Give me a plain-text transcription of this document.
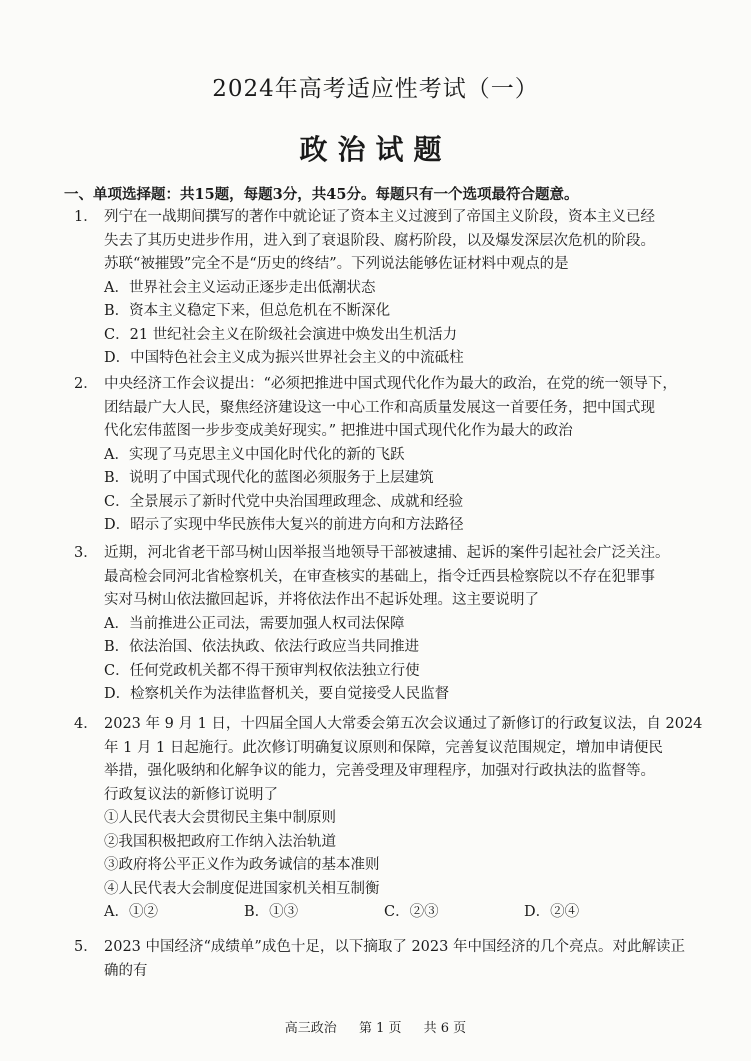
2024年高考适应性考试（一）
政治试题
一、单项选择题：共15题，每题3分，共45分。每题只有一个选项最符合题意。
1． 列宁在一战期间撰写的著作中就论证了资本主义过渡到了帝国主义阶段，资本主义已经
失去了其历史进步作用，进入到了衰退阶段、腐朽阶段，以及爆发深层次危机的阶段。
苏联“被摧毁”完全不是“历史的终结”。下列说法能够佐证材料中观点的是
A．世界社会主义运动正逐步走出低潮状态
B．资本主义稳定下来，但总危机在不断深化
C．21 世纪社会主义在阶级社会演进中焕发出生机活力
D．中国特色社会主义成为振兴世界社会主义的中流砥柱
2． 中央经济工作会议提出：“必须把推进中国式现代化作为最大的政治，在党的统一领导下，
团结最广大人民，聚焦经济建设这一中心工作和高质量发展这一首要任务，把中国式现
代化宏伟蓝图一步步变成美好现实。” 把推进中国式现代化作为最大的政治
A．实现了马克思主义中国化时代化的新的飞跃
B．说明了中国式现代化的蓝图必须服务于上层建筑
C．全景展示了新时代党中央治国理政理念、成就和经验
D．昭示了实现中华民族伟大复兴的前进方向和方法路径
3． 近期，河北省老干部马树山因举报当地领导干部被逮捕、起诉的案件引起社会广泛关注。
最高检会同河北省检察机关，在审查核实的基础上，指令迁西县检察院以不存在犯罪事
实对马树山依法撤回起诉，并将依法作出不起诉处理。这主要说明了
A．当前推进公正司法，需要加强人权司法保障
B．依法治国、依法执政、依法行政应当共同推进
C．任何党政机关都不得干预审判权依法独立行使
D．检察机关作为法律监督机关，要自觉接受人民监督
4． 2023 年 9 月 1 日，十四届全国人大常委会第五次会议通过了新修订的行政复议法，自 2024
年 1 月 1 日起施行。此次修订明确复议原则和保障，完善复议范围规定，增加申请便民
举措，强化吸纳和化解争议的能力，完善受理及审理程序，加强对行政执法的监督等。
行政复议法的新修订说明了
①人民代表大会贯彻民主集中制原则
②我国积极把政府工作纳入法治轨道
③政府将公平正义作为政务诚信的基本准则
④人民代表大会制度促进国家机关相互制衡
A．①②	B．①③	C．②③	D．②④
5． 2023 中国经济“成绩单”成色十足，以下摘取了 2023 年中国经济的几个亮点。对此解读正
确的有
高三政治 第 1 页 共 6 页
